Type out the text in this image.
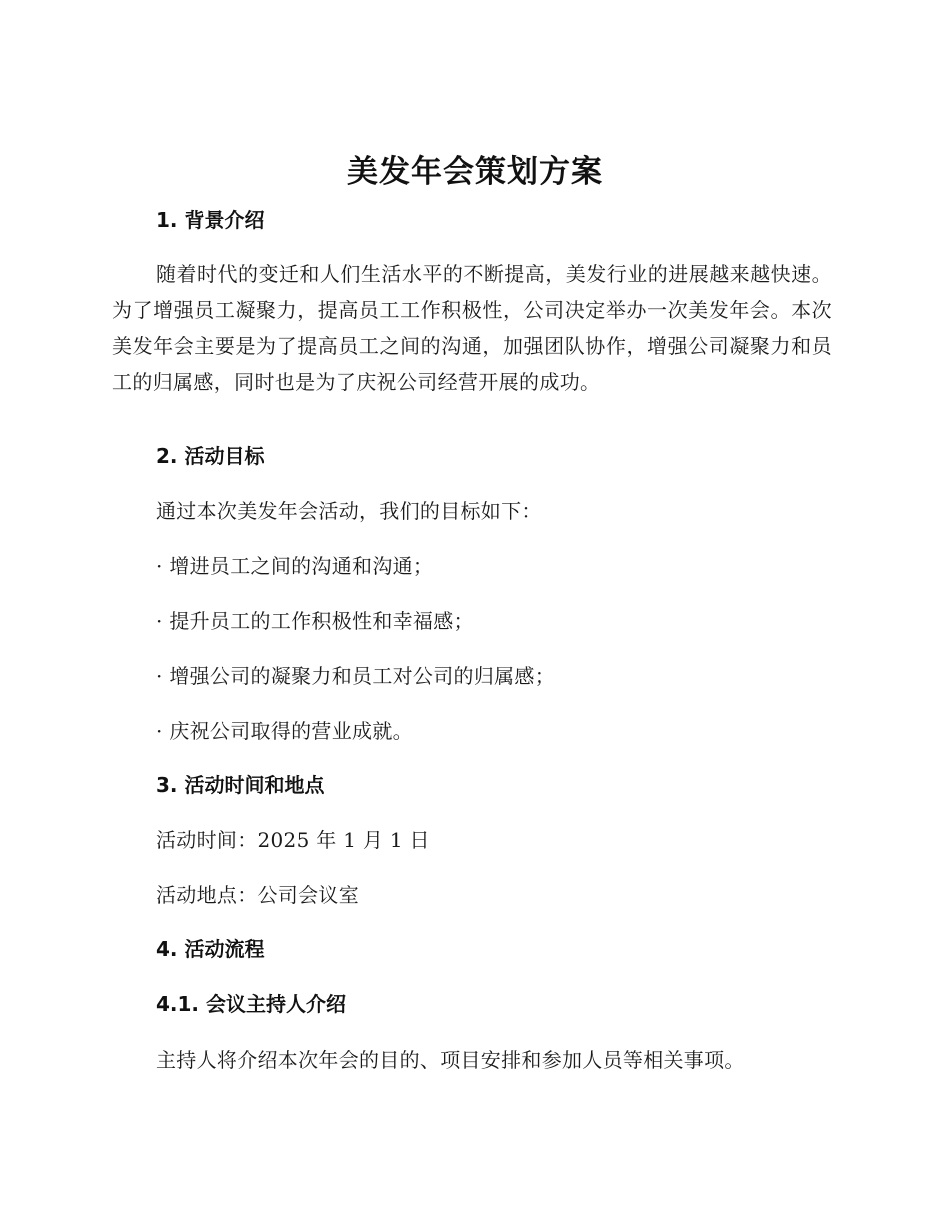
美发年会策划方案
1. 背景介绍

随着时代的变迁和人们生活水平的不断提高，美发行业的进展越来越快速。为了增强员工凝聚力，提高员工工作积极性，公司决定举办一次美发年会。本次美发年会主要是为了提高员工之间的沟通，加强团队协作，增强公司凝聚力和员工的归属感，同时也是为了庆祝公司经营开展的成功。

2. 活动目标

通过本次美发年会活动，我们的目标如下：

· 增进员工之间的沟通和沟通；

· 提升员工的工作积极性和幸福感；

· 增强公司的凝聚力和员工对公司的归属感；

· 庆祝公司取得的营业成就。

3. 活动时间和地点

活动时间：2025 年 1 月 1 日

活动地点：公司会议室

4. 活动流程
4.1. 会议主持人介绍

主持人将介绍本次年会的目的、项目安排和参加人员等相关事项。
